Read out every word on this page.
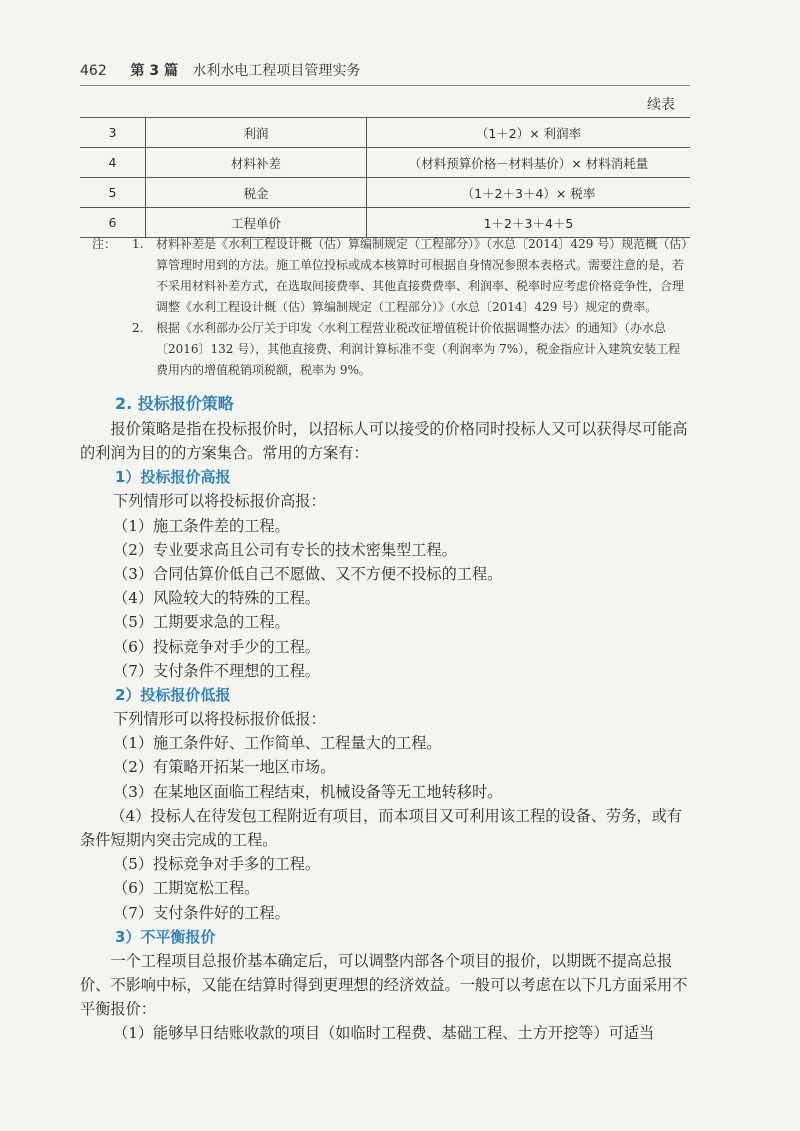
462 第 3 篇 水利水电工程项目管理实务
续表
3	利润	（1＋2）× 利润率
4	材料补差	（材料预算价格－材料基价）× 材料消耗量
5	税金	（1＋2＋3＋4）× 税率
6	工程单价	1＋2＋3＋4＋5
注：	1.	材料补差是《水利工程设计概（估）算编制规定（工程部分）》（水总〔2014〕429 号）规范概（估）算管理时用到的方法。施工单位投标或成本核算时可根据自身情况参照本表格式。需要注意的是，若不采用材料补差方式，在选取间接费率、其他直接费费率、利润率、税率时应考虑价格竞争性，合理调整《水利工程设计概（估）算编制规定（工程部分）》（水总〔2014〕429 号）规定的费率。
2.	根据《水利部办公厅关于印发〈水利工程营业税改征增值税计价依据调整办法〉的通知》（办水总〔2016〕132 号），其他直接费、利润计算标准不变（利润率为 7%），税金指应计入建筑安装工程费用内的增值税销项税额，税率为 9%。
2. 投标报价策略

报价策略是指在投标报价时，以招标人可以接受的价格同时投标人又可以获得尽可能高的利润为目的的方案集合。常用的方案有：

1）投标报价高报

下列情形可以将投标报价高报：

（1）施工条件差的工程。

（2）专业要求高且公司有专长的技术密集型工程。

（3）合同估算价低自己不愿做、又不方便不投标的工程。

（4）风险较大的特殊的工程。

（5）工期要求急的工程。

（6）投标竞争对手少的工程。

（7）支付条件不理想的工程。

2）投标报价低报

下列情形可以将投标报价低报：

（1）施工条件好、工作简单、工程量大的工程。

（2）有策略开拓某一地区市场。

（3）在某地区面临工程结束，机械设备等无工地转移时。

（4）投标人在待发包工程附近有项目，而本项目又可利用该工程的设备、劳务，或有条件短期内突击完成的工程。

（5）投标竞争对手多的工程。

（6）工期宽松工程。

（7）支付条件好的工程。

3）不平衡报价

一个工程项目总报价基本确定后，可以调整内部各个项目的报价，以期既不提高总报价、不影响中标，又能在结算时得到更理想的经济效益。一般可以考虑在以下几方面采用不平衡报价：

（1）能够早日结账收款的项目（如临时工程费、基础工程、土方开挖等）可适当
